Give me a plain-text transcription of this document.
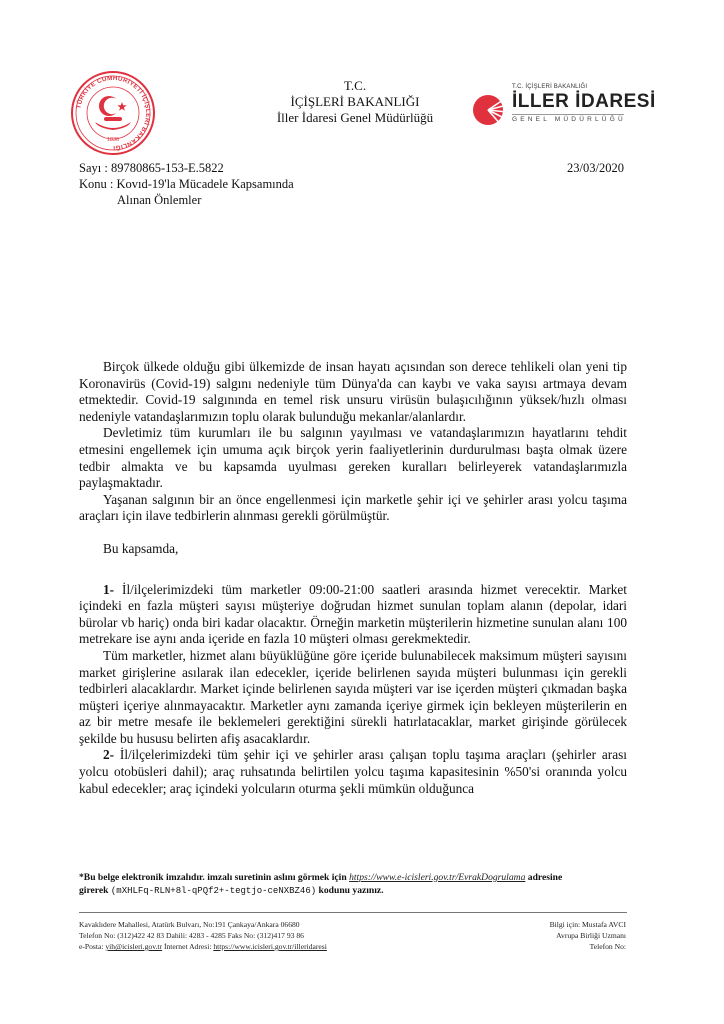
TÜRKİYE CUMHURİYETİ İÇİŞLERİ BAKANLIĞI
1836
T.C.
İÇİŞLERİ BAKANLIĞI
İller İdaresi Genel Müdürlüğü
T.C. İÇİŞLERİ BAKANLIĞI
İLLER İDARESİ
GENEL MÜDÜRLÜĞÜ
Sayı : 89780865-153-E.5822
Konu : Kovıd-19'la Mücadele Kapsamında
Alınan Önlemler
23/03/2020

Birçok ülkede olduğu gibi ülkemizde de insan hayatı açısından son derece tehlikeli olan yeni tip Koronavirüs (Covid-19) salgını nedeniyle tüm Dünya'da can kaybı ve vaka sayısı artmaya devam etmektedir. Covid-19 salgınında en temel risk unsuru virüsün bulaşıcılığının yüksek/hızlı olması nedeniyle vatandaşlarımızın toplu olarak bulunduğu mekanlar/alanlardır.

Devletimiz tüm kurumları ile bu salgının yayılması ve vatandaşlarımızın hayatlarını tehdit etmesini engellemek için umuma açık birçok yerin faaliyetlerinin durdurulması başta olmak üzere tedbir almakta ve bu kapsamda uyulması gereken kuralları belirleyerek vatandaşlarımızla paylaşmaktadır.

Yaşanan salgının bir an önce engellenmesi için marketle şehir içi ve şehirler arası yolcu taşıma araçları için ilave tedbirlerin alınması gerekli görülmüştür.

Bu kapsamda,

1- İl/ilçelerimizdeki tüm marketler 09:00-21:00 saatleri arasında hizmet verecektir. Market içindeki en fazla müşteri sayısı müşteriye doğrudan hizmet sunulan toplam alanın (depolar, idari bürolar vb hariç) onda biri kadar olacaktır. Örneğin marketin müşterilerin hizmetine sunulan alanı 100 metrekare ise aynı anda içeride en fazla 10 müşteri olması gerekmektedir.

Tüm marketler, hizmet alanı büyüklüğüne göre içeride bulunabilecek maksimum müşteri sayısını market girişlerine asılarak ilan edecekler, içeride belirlenen sayıda müşteri bulunması için gerekli tedbirleri alacaklardır. Market içinde belirlenen sayıda müşteri var ise içerden müşteri çıkmadan başka müşteri içeriye alınmayacaktır. Marketler aynı zamanda içeriye girmek için bekleyen müşterilerin en az bir metre mesafe ile beklemeleri gerektiğini sürekli hatırlatacaklar, market girişinde görülecek şekilde bu hususu belirten afiş asacaklardır.

2- İl/ilçelerimizdeki tüm şehir içi ve şehirler arası çalışan toplu taşıma araçları (şehirler arası yolcu otobüsleri dahil); araç ruhsatında belirtilen yolcu taşıma kapasitesinin %50'si oranında yolcu kabul edecekler; araç içindeki yolcuların oturma şekli mümkün olduğunca

*Bu belge elektronik imzalıdır. imzalı suretinin aslını görmek için https://www.e-icisleri.gov.tr/EvrakDogrulama adresine
girerek (mXHLFq-RLN+8l-qPQf2+-tegtjo-ceNXBZ46) kodunu yazınız.
Kavaklıdere Mahallesi, Atatürk Bulvarı, No:191 Çankaya/Ankara 06680
Telefon No: (312)422 42 83 Dahili: 4283 - 4285 Faks No: (312)417 93 86
e-Posta: yih@icisleri.gov.tr İnternet Adresi: https://www.icisleri.gov.tr/illeridaresi
Bilgi için: Mustafa AVCI
Avrupa Birliği Uzmanı
Telefon No:
